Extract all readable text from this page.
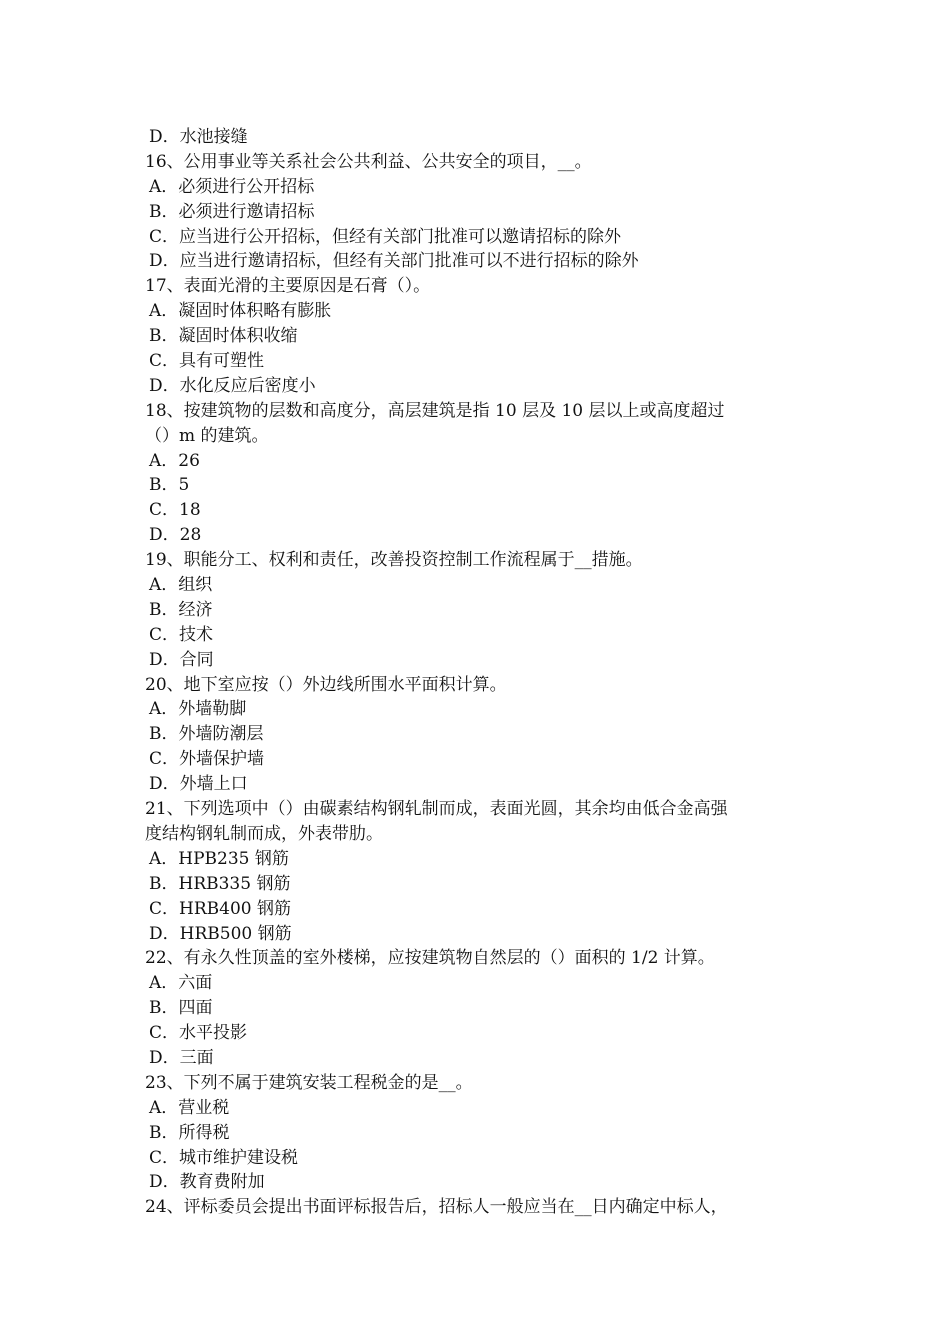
D．水池接缝
16、公用事业等关系社会公共利益、公共安全的项目，__。
A．必须进行公开招标
B．必须进行邀请招标
C．应当进行公开招标，但经有关部门批准可以邀请招标的除外
D．应当进行邀请招标，但经有关部门批准可以不进行招标的除外
17、表面光滑的主要原因是石膏（）。
A．凝固时体积略有膨胀
B．凝固时体积收缩
C．具有可塑性
D．水化反应后密度小
18、按建筑物的层数和高度分，高层建筑是指 10 层及 10 层以上或高度超过
（）m 的建筑。
A．26
B．5
C．18
D．28
19、职能分工、权利和责任，改善投资控制工作流程属于__措施。
A．组织
B．经济
C．技术
D．合同
20、地下室应按（）外边线所围水平面积计算。
A．外墙勒脚
B．外墙防潮层
C．外墙保护墙
D．外墙上口
21、下列选项中（）由碳素结构钢轧制而成，表面光圆，其余均由低合金高强
度结构钢轧制而成，外表带肋。
A．HPB235 钢筋
B．HRB335 钢筋
C．HRB400 钢筋
D．HRB500 钢筋
22、有永久性顶盖的室外楼梯，应按建筑物自然层的（）面积的 1/2 计算。
A．六面
B．四面
C．水平投影
D．三面
23、下列不属于建筑安装工程税金的是__。
A．营业税
B．所得税
C．城市维护建设税
D．教育费附加
24、评标委员会提出书面评标报告后，招标人一般应当在__日内确定中标人，
